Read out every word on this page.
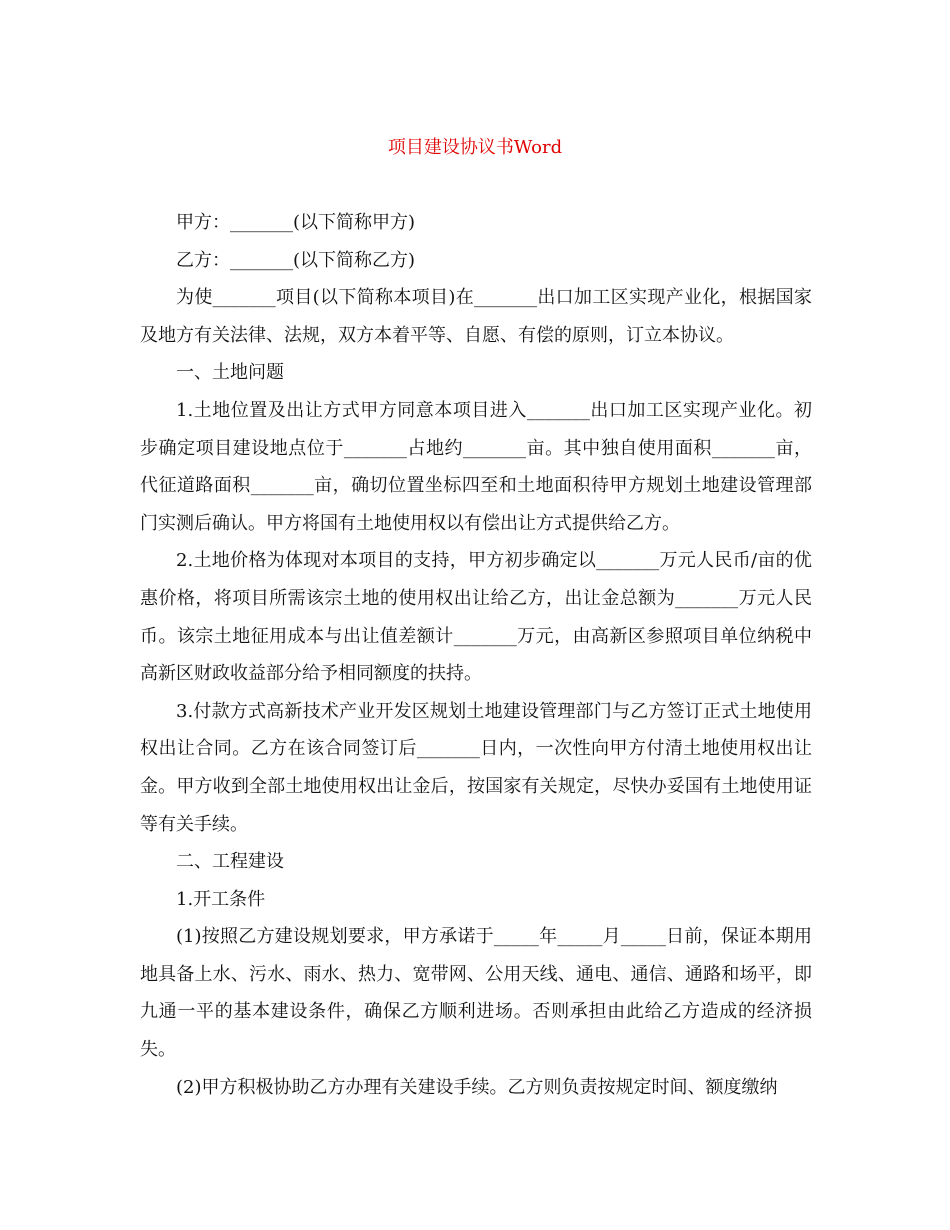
项目建设协议书Word

甲方：_______(以下简称甲方)

乙方：_______(以下简称乙方)

为使_______项目(以下简称本项目)在_______出口加工区实现产业化，根据国家及地方有关法律、法规，双方本着平等、自愿、有偿的原则，订立本协议。

一、土地问题

1.土地位置及出让方式甲方同意本项目进入_______出口加工区实现产业化。初步确定项目建设地点位于_______占地约_______亩。其中独自使用面积_______亩，代征道路面积_______亩，确切位置坐标四至和土地面积待甲方规划土地建设管理部门实测后确认。甲方将国有土地使用权以有偿出让方式提供给乙方。

2.土地价格为体现对本项目的支持，甲方初步确定以_______万元人民币/亩的优惠价格，将项目所需该宗土地的使用权出让给乙方，出让金总额为_______万元人民币。该宗土地征用成本与出让值差额计_______万元，由高新区参照项目单位纳税中高新区财政收益部分给予相同额度的扶持。

3.付款方式高新技术产业开发区规划土地建设管理部门与乙方签订正式土地使用权出让合同。乙方在该合同签订后_______日内，一次性向甲方付清土地使用权出让金。甲方收到全部土地使用权出让金后，按国家有关规定，尽快办妥国有土地使用证等有关手续。

二、工程建设

1.开工条件

(1)按照乙方建设规划要求，甲方承诺于_____年_____月_____日前，保证本期用地具备上水、污水、雨水、热力、宽带网、公用天线、通电、通信、通路和场平，即九通一平的基本建设条件，确保乙方顺利进场。否则承担由此给乙方造成的经济损失。

(2)甲方积极协助乙方办理有关建设手续。乙方则负责按规定时间、额度缴纳
